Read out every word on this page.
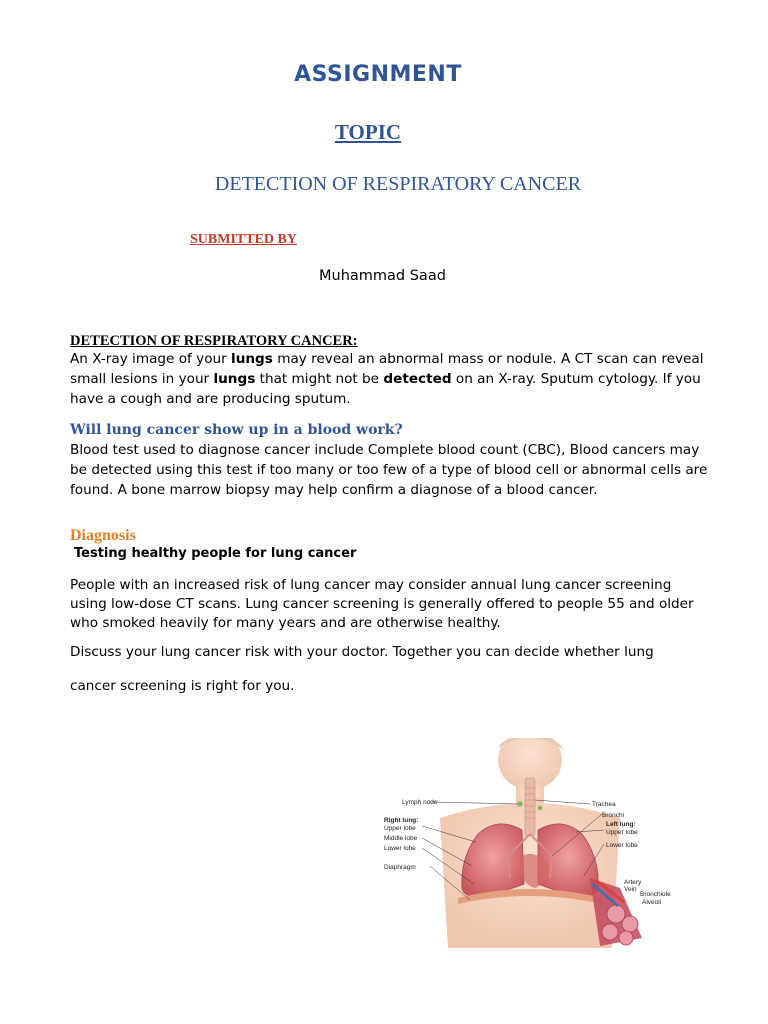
ASSIGNMENT
TOPIC
DETECTION OF RESPIRATORY CANCER
SUBMITTED BY
Muhammad Saad
DETECTION OF RESPIRATORY CANCER:
An X-ray image of your lungs may reveal an abnormal mass or nodule. A CT scan can reveal small lesions in your lungs that might not be detected on an X-ray. Sputum cytology. If you have a cough and are producing sputum.
Will lung cancer show up in a blood work?
Blood test used to diagnose cancer include Complete blood count (CBC), Blood cancers may be detected using this test if too many or too few of a type of blood cell or abnormal cells are found. A bone marrow biopsy may help confirm a diagnose of a blood cancer.
Diagnosis
Testing healthy people for lung cancer
People with an increased risk of lung cancer may consider annual lung cancer screening using low-dose CT scans. Lung cancer screening is generally offered to people 55 and older who smoked heavily for many years and are otherwise healthy.
Discuss your lung cancer risk with your doctor. Together you can decide whether lung
cancer screening is right for you.
Lymph node	Trachea
Bronchi
Right lung:
Upper lobe
Middle lobe
Lower lobe
Left lung:
Upper lobe
Lower lobe
Diaphragm
Artery
Vein
Bronchiole
Alveoli
